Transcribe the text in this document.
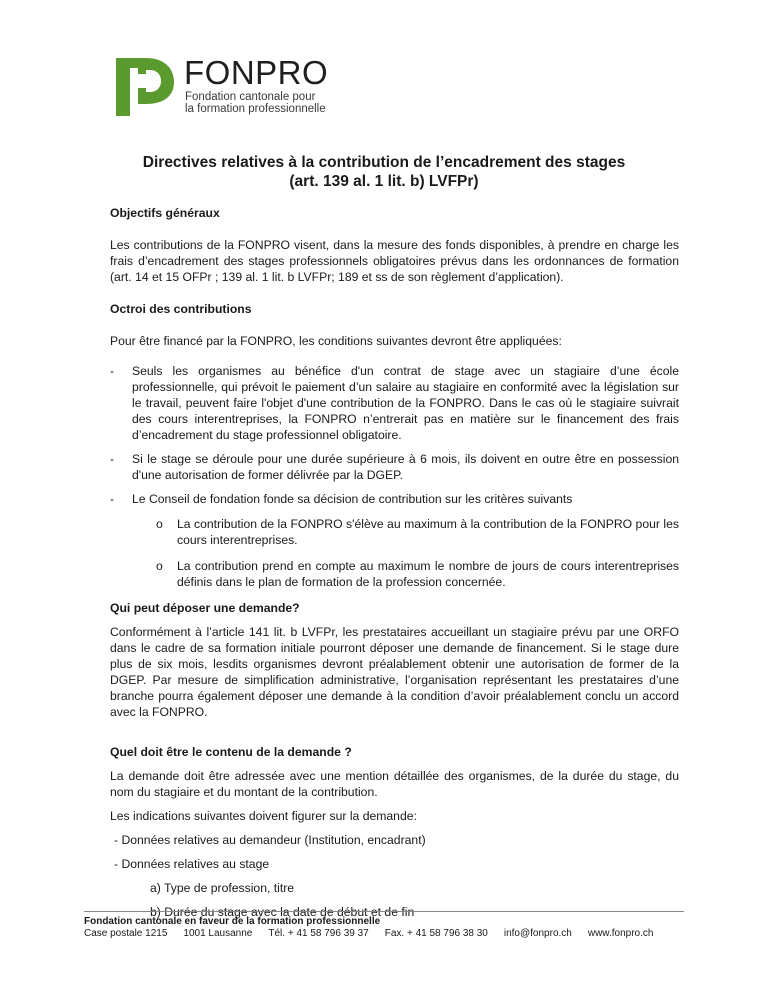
FONPRO
Fondation cantonale pour
la formation professionnelle
Directives relatives à la contribution de l’encadrement des stages
(art. 139 al. 1 lit. b) LVFPr)
Objectifs généraux

Les contributions de la FONPRO visent, dans la mesure des fonds disponibles, à prendre en charge les frais d’encadrement des stages professionnels obligatoires prévus dans les ordonnances de formation (art. 14 et 15 OFPr ; 139 al. 1 lit. b LVFPr; 189 et ss de son règlement d’application).

Octroi des contributions

Pour être financé par la FONPRO, les conditions suivantes devront être appliquées:

- Seuls les organismes au bénéfice d'un contrat de stage avec un stagiaire d’une école professionnelle, qui prévoit le paiement d’un salaire au stagiaire en conformité avec la législation sur le travail, peuvent faire l'objet d'une contribution de la FONPRO. Dans le cas où le stagiaire suivrait des cours interentreprises, la FONPRO n’entrerait pas en matière sur le financement des frais d’encadrement du stage professionnel obligatoire.
- Si le stage se déroule pour une durée supérieure à 6 mois, ils doivent en outre être en possession d'une autorisation de former délivrée par la DGEP.
- Le Conseil de fondation fonde sa décision de contribution sur les critères suivants
o La contribution de la FONPRO s'élève au maximum à la contribution de la FONPRO pour les cours interentreprises.
o La contribution prend en compte au maximum le nombre de jours de cours interentreprises définis dans le plan de formation de la profession concernée.
Qui peut déposer une demande?

Conformément à l’article 141 lit. b LVFPr, les prestataires accueillant un stagiaire prévu par une ORFO dans le cadre de sa formation initiale pourront déposer une demande de financement. Si le stage dure plus de six mois, lesdits organismes devront préalablement obtenir une autorisation de former de la DGEP. Par mesure de simplification administrative, l’organisation représentant les prestataires d’une branche pourra également déposer une demande à la condition d’avoir préalablement conclu un accord avec la FONPRO.

Quel doit être le contenu de la demande ?

La demande doit être adressée avec une mention détaillée des organismes, de la durée du stage, du nom du stagiaire et du montant de la contribution.

Les indications suivantes doivent figurer sur la demande:

- Données relatives au demandeur (Institution, encadrant)
- Données relatives au stage
a) Type de profession, titre
b) Durée du stage avec la date de début et de fin
Fondation cantonale en faveur de la formation professionnelle
Case postale 1215 1001 Lausanne Tél. + 41 58 796 39 37 Fax. + 41 58 796 38 30 info@fonpro.ch www.fonpro.ch
